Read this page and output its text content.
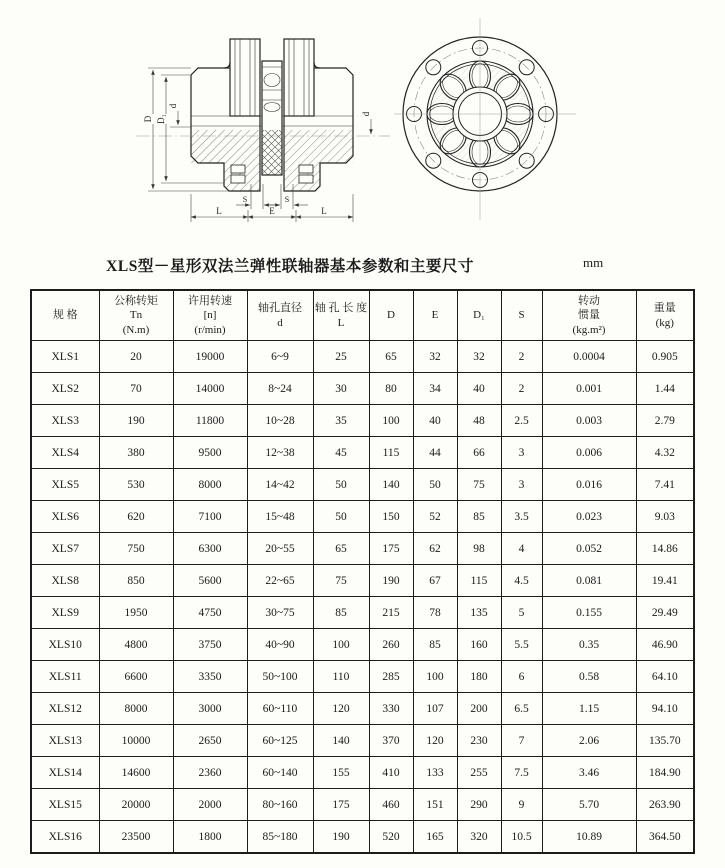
D D₁
d
d
S	S
L	E	L
XLS型－星形双法兰弹性联轴器基本参数和主要尺寸	mm
规 格	公称转矩
Tn
(N.m)	许用转速
[n]
(r/min)	轴孔直径
d	轴 孔 长 度
L	D	E	D₁	S	转动
惯量
(kg.m²)	重量
(kg)

XLS1	20	19000	6~9	25	65	32	32	2	0.0004	0.905
XLS2	70	14000	8~24	30	80	34	40	2	0.001	1.44
XLS3	190	11800	10~28	35	100	40	48	2.5	0.003	2.79
XLS4	380	9500	12~38	45	115	44	66	3	0.006	4.32
XLS5	530	8000	14~42	50	140	50	75	3	0.016	7.41
XLS6	620	7100	15~48	50	150	52	85	3.5	0.023	9.03
XLS7	750	6300	20~55	65	175	62	98	4	0.052	14.86
XLS8	850	5600	22~65	75	190	67	115	4.5	0.081	19.41
XLS9	1950	4750	30~75	85	215	78	135	5	0.155	29.49
XLS10	4800	3750	40~90	100	260	85	160	5.5	0.35	46.90
XLS11	6600	3350	50~100	110	285	100	180	6	0.58	64.10
XLS12	8000	3000	60~110	120	330	107	200	6.5	1.15	94.10
XLS13	10000	2650	60~125	140	370	120	230	7	2.06	135.70
XLS14	14600	2360	60~140	155	410	133	255	7.5	3.46	184.90
XLS15	20000	2000	80~160	175	460	151	290	9	5.70	263.90
XLS16	23500	1800	85~180	190	520	165	320	10.5	10.89	364.50
